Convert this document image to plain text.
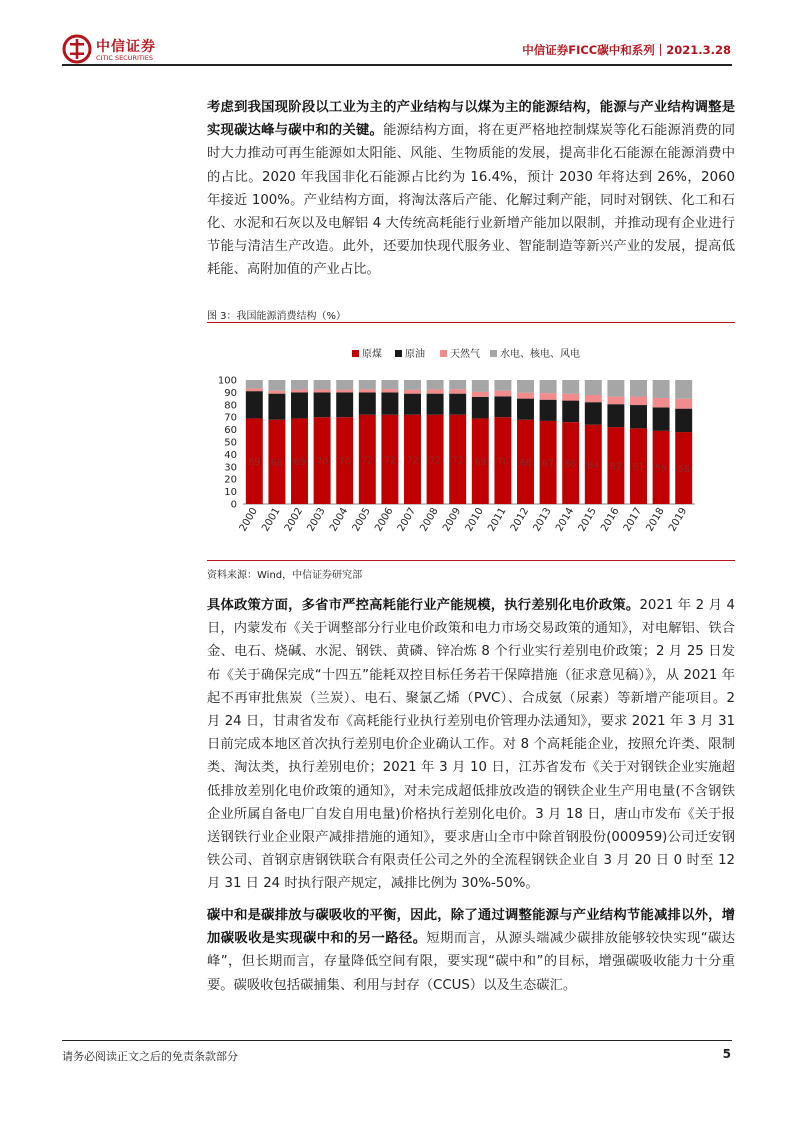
中信证券
CITIC SECURITIES
中信证券FICC碳中和系列｜2021.3.28
考虑到我国现阶段以工业为主的产业结构与以煤为主的能源结构，能源与产业结构调整是实现碳达峰与碳中和的关键。能源结构方面，将在更严格地控制煤炭等化石能源消费的同时大力推动可再生能源如太阳能、风能、生物质能的发展，提高非化石能源在能源消费中的占比。2020 年我国非化石能源占比约为 16.4%，预计 2030 年将达到 26%，2060 年接近 100%。产业结构方面，将淘汰落后产能、化解过剩产能，同时对钢铁、化工和石化、水泥和石灰以及电解铝 4 大传统高耗能行业新增产能加以限制，并推动现有企业进行节能与清洁生产改造。此外，还要加快现代服务业、智能制造等新兴产业的发展，提高低耗能、高附加值的产业占比。
图 3：我国能源消费结构（%）
原煤 原油	天然气 水电、核电、风电
0
10
20
30
40
50
60
70
80
90
100
69
2000
68
2001
69
2002
70
2003
70
2004
72
2005
72
2006
72
2007
72
2008
72
2009
69
2010
70
2011
68
2012
67
2013
66
2014
64
2015
62
2016
61
2017
59
2018
58
2019
资料来源：Wind，中信证券研究部
具体政策方面，多省市严控高耗能行业产能规模，执行差别化电价政策。2021 年 2 月 4 日，内蒙发布《关于调整部分行业电价政策和电力市场交易政策的通知》，对电解铝、铁合金、电石、烧碱、水泥、钢铁、黄磷、锌冶炼 8 个行业实行差别电价政策；2 月 25 日发布《关于确保完成“十四五”能耗双控目标任务若干保障措施（征求意见稿）》，从 2021 年起不再审批焦炭（兰炭）、电石、聚氯乙烯（PVC）、合成氨（尿素）等新增产能项目。2 月 24 日，甘肃省发布《高耗能行业执行差别电价管理办法通知》，要求 2021 年 3 月 31 日前完成本地区首次执行差别电价企业确认工作。对 8 个高耗能企业，按照允许类、限制类、淘汰类，执行差别电价；2021 年 3 月 10 日，江苏省发布《关于对钢铁企业实施超低排放差别化电价政策的通知》，对未完成超低排放改造的钢铁企业生产用电量(不含钢铁企业所属自备电厂自发自用电量)价格执行差别化电价。3 月 18 日，唐山市发布《关于报送钢铁行业企业限产减排措施的通知》，要求唐山全市中除首钢股份(000959)公司迁安钢铁公司、首钢京唐钢铁联合有限责任公司之外的全流程钢铁企业自 3 月 20 日 0 时至 12 月 31 日 24 时执行限产规定，减排比例为 30%-50%。
碳中和是碳排放与碳吸收的平衡，因此，除了通过调整能源与产业结构节能减排以外，增加碳吸收是实现碳中和的另一路径。短期而言，从源头端减少碳排放能够较快实现“碳达峰”，但长期而言，存量降低空间有限，要实现“碳中和”的目标，增强碳吸收能力十分重要。碳吸收包括碳捕集、利用与封存（CCUS）以及生态碳汇。
请务必阅读正文之后的免责条款部分	5
